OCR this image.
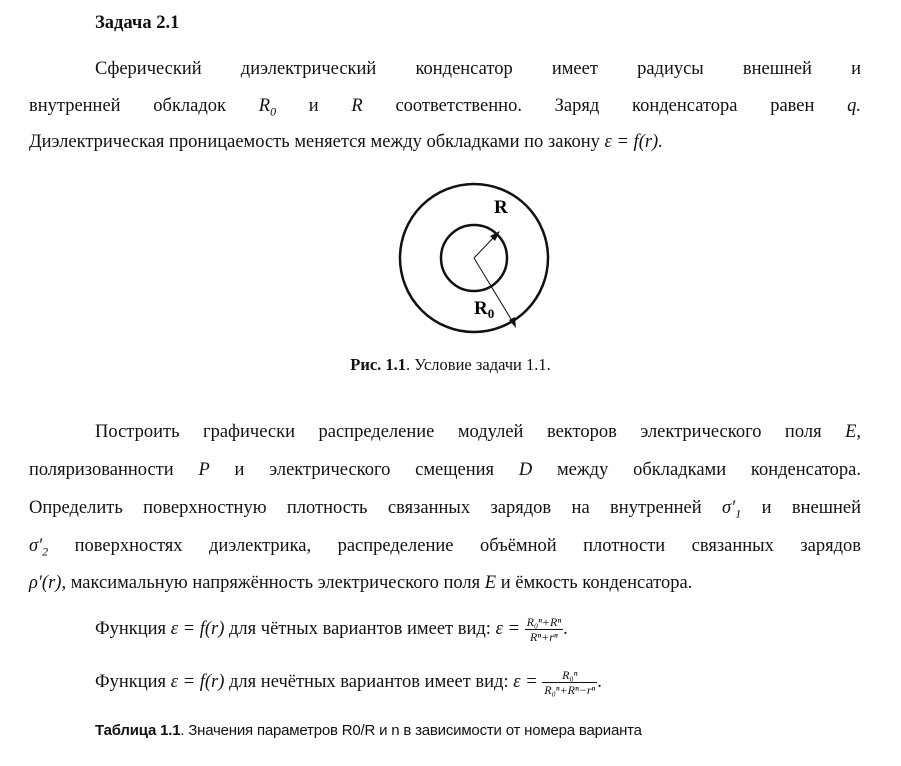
Задача 2.1
Сферический диэлектрический конденсатор имеет радиусы внешней и
внутренней обкладок $R_0$ и R соответственно. Заряд конденсатора равен q.
Диэлектрическая проницаемость меняется между обкладками по закону ε = f(r).
R
$R_0$
Рис. 1.1. Условие задачи 1.1.
Построить графически распределение модулей векторов электрического поля E,
поляризованности P и электрического смещения D между обкладками конденсатора.
Определить поверхностную плотность связанных зарядов на внутренней $\sigma'_1$ и внешней
$\sigma'_2$ поверхностях диэлектрика, распределение объёмной плотности связанных зарядов
ρ′(r), максимальную напряжённость электрического поля E и ёмкость конденсатора.
Функция ε = f(r) для чётных вариантов имеет вид: $\varepsilon = \frac{\text{R₀ⁿ+Rⁿ}}{\text{Rⁿ+rⁿ}}$ .
Функция ε = f(r) для нечётных вариантов имеет вид: $\varepsilon = \frac{\text{R₀ⁿ}}{\text{R₀ⁿ+Rⁿ−rⁿ}}$ .
Таблица 1.1. Значения параметров R0/R и n в зависимости от номера варианта
